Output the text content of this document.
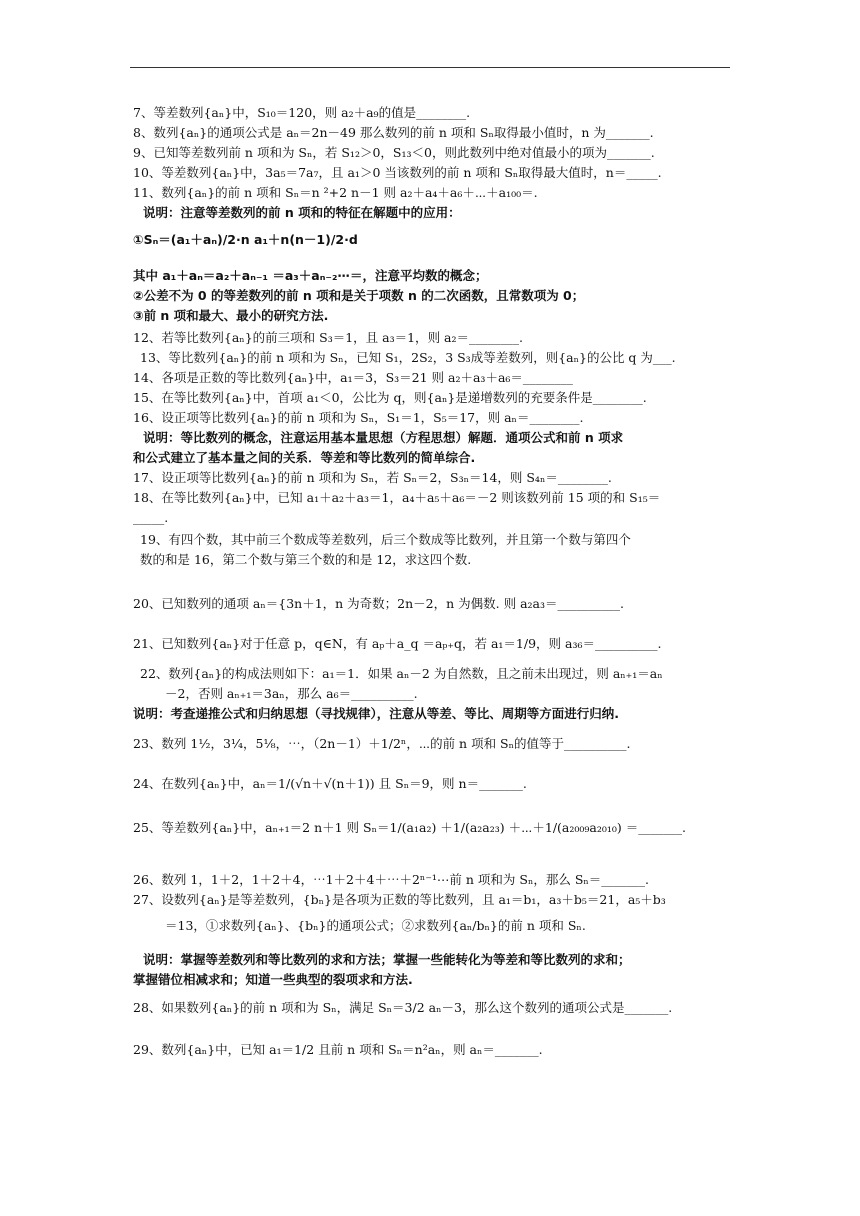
7、等差数列{aₙ}中，S₁₀＝120，则 a₂＋a₉的值是________.
8、数列{aₙ}的通项公式是 aₙ＝2n－49 那么数列的前 n 项和 Sₙ取得最小值时，n 为_______.
9、已知等差数列前 n 项和为 Sₙ，若 S₁₂＞0，S₁₃＜0，则此数列中绝对值最小的项为_______.
10、等差数列{aₙ}中，3a₅＝7a₇，且 a₁＞0 当该数列的前 n 项和 Sₙ取得最大值时，n＝_____.
11、数列{aₙ}的前 n 项和 Sₙ＝n ²+2 n－1 则 a₂＋a₄＋a₆＋⋯＋a₁₀₀＝.
说明：注意等差数列的前 n 项和的特征在解题中的应用：
①Sₙ＝(a₁＋aₙ)/2·n a₁＋n(n－1)/2·d
其中 a₁＋aₙ＝a₂＋aₙ₋₁ ＝a₃＋aₙ₋₂⋯＝，注意平均数的概念；
②公差不为 0 的等差数列的前 n 项和是关于项数 n 的二次函数，且常数项为 0；
③前 n 项和最大、最小的研究方法.
12、若等比数列{aₙ}的前三项和 S₃＝1，且 a₃＝1，则 a₂＝________.
13、等比数列{aₙ}的前 n 项和为 Sₙ，已知 S₁，2S₂，3 S₃成等差数列，则{aₙ}的公比 q 为___.
14、各项是正数的等比数列{aₙ}中，a₁＝3，S₃＝21 则 a₂＋a₃＋a₆＝________
15、在等比数列{aₙ}中，首项 a₁＜0，公比为 q，则{aₙ}是递增数列的充要条件是________.
16、设正项等比数列{aₙ}的前 n 项和为 Sₙ，S₁＝1，S₅＝17，则 aₙ＝________.
说明：等比数列的概念，注意运用基本量思想（方程思想）解题．通项公式和前 n 项求
和公式建立了基本量之间的关系．等差和等比数列的简单综合.
17、设正项等比数列{aₙ}的前 n 项和为 Sₙ，若 Sₙ＝2，S₃ₙ＝14，则 S₄ₙ＝________.
18、在等比数列{aₙ}中，已知 a₁＋a₂＋a₃＝1，a₄＋a₅＋a₆＝－2 则该数列前 15 项的和 S₁₅＝
_____.
19、有四个数，其中前三个数成等差数列，后三个数成等比数列，并且第一个数与第四个
数的和是 16，第二个数与第三个数的和是 12，求这四个数.
20、已知数列的通项 aₙ＝{3n＋1，n 为奇数；2n－2，n 为偶数. 则 a₂a₃＝__________.
21、已知数列{aₙ}对于任意 p，q∈N，有 aₚ＋a_q ＝aₚ₊q，若 a₁＝1/9，则 a₃₆＝__________.
22、数列{aₙ}的构成法则如下：a₁＝1．如果 aₙ－2 为自然数，且之前未出现过，则 aₙ₊₁＝aₙ
－2，否则 aₙ₊₁＝3aₙ，那么 a₆＝__________.
说明：考查递推公式和归纳思想（寻找规律），注意从等差、等比、周期等方面进行归纳.
23、数列 1½，3¼，5⅛，⋯，（2n－1）＋1/2ⁿ，⋯的前 n 项和 Sₙ的值等于__________.
24、在数列{aₙ}中，aₙ＝1/(√n＋√(n＋1)) 且 Sₙ＝9，则 n＝_______.
25、等差数列{aₙ}中，aₙ₊₁＝2 n＋1 则 Sₙ＝1/(a₁a₂) ＋1/(a₂a₂₃) ＋⋯＋1/(a₂₀₀₉a₂₀₁₀) ＝_______.
26、数列 1，1＋2，1＋2＋4，⋯1＋2＋4＋⋯＋2ⁿ⁻¹⋯前 n 项和为 Sₙ，那么 Sₙ＝_______.
27、设数列{aₙ}是等差数列，{bₙ}是各项为正数的等比数列，且 a₁＝b₁，a₃＋b₅＝21，a₅＋b₃
＝13，①求数列{aₙ}、{bₙ}的通项公式；②求数列{aₙ/bₙ}的前 n 项和 Sₙ.
说明：掌握等差数列和等比数列的求和方法；掌握一些能转化为等差和等比数列的求和；
掌握错位相减求和；知道一些典型的裂项求和方法.
28、如果数列{aₙ}的前 n 项和为 Sₙ，满足 Sₙ＝3/2 aₙ－3，那么这个数列的通项公式是_______.
29、数列{aₙ}中，已知 a₁＝1/2 且前 n 项和 Sₙ＝n²aₙ，则 aₙ＝_______.
